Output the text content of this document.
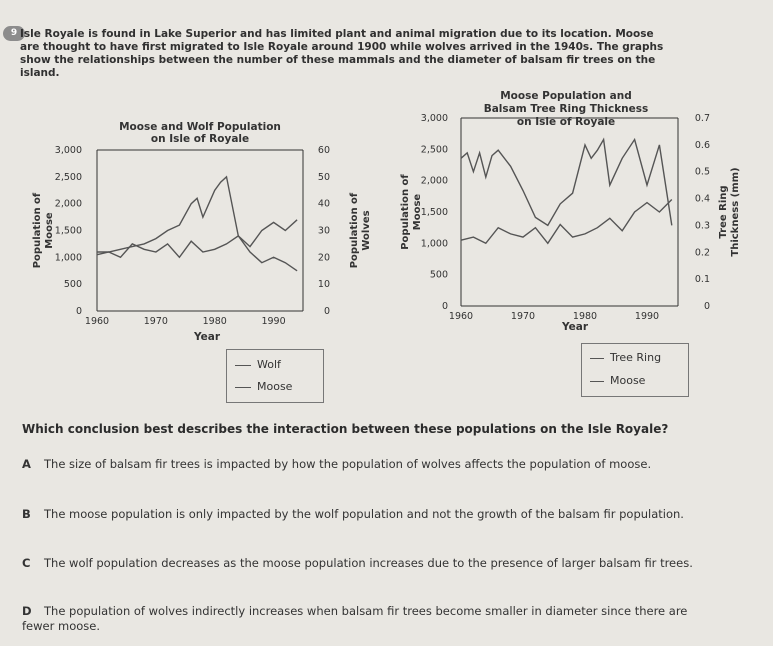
9 Isle Royale is found in Lake Superior and has limited plant and animal migration due to its location. Moose are thought to have first migrated to Isle Royale around 1900 while wolves arrived in the 1940s. The graphs show the relationships between the number of these mammals and the diameter of balsam fir trees on the island.
Moose and Wolf Population
on Isle of Royale
0
500
1,000
1,500
2,000
2,500
3,000
0
10
20
30
40
50
60
1960	1970	1980	1990
Year
Population of Moose	Population of Wolves
Moose Population and
Balsam Tree Ring Thickness
on Isle of Royale
0
500
1,000
1,500
2,000
2,500
3,000
0
0.1
0.2
0.3
0.4
0.5
0.6
0.7
1960	1970	1980	1990
Year
Population of Moose	Tree Ring Thickness (mm)
Wolf
Moose
Tree Ring
Moose
Which conclusion best describes the interaction between these populations on the Isle Royale?
A The size of balsam fir trees is impacted by how the population of wolves affects the population of moose.
B The moose population is only impacted by the wolf population and not the growth of the balsam fir population.
C The wolf population decreases as the moose population increases due to the presence of larger balsam fir trees.
D The population of wolves indirectly increases when balsam fir trees become smaller in diameter since there are fewer moose.
